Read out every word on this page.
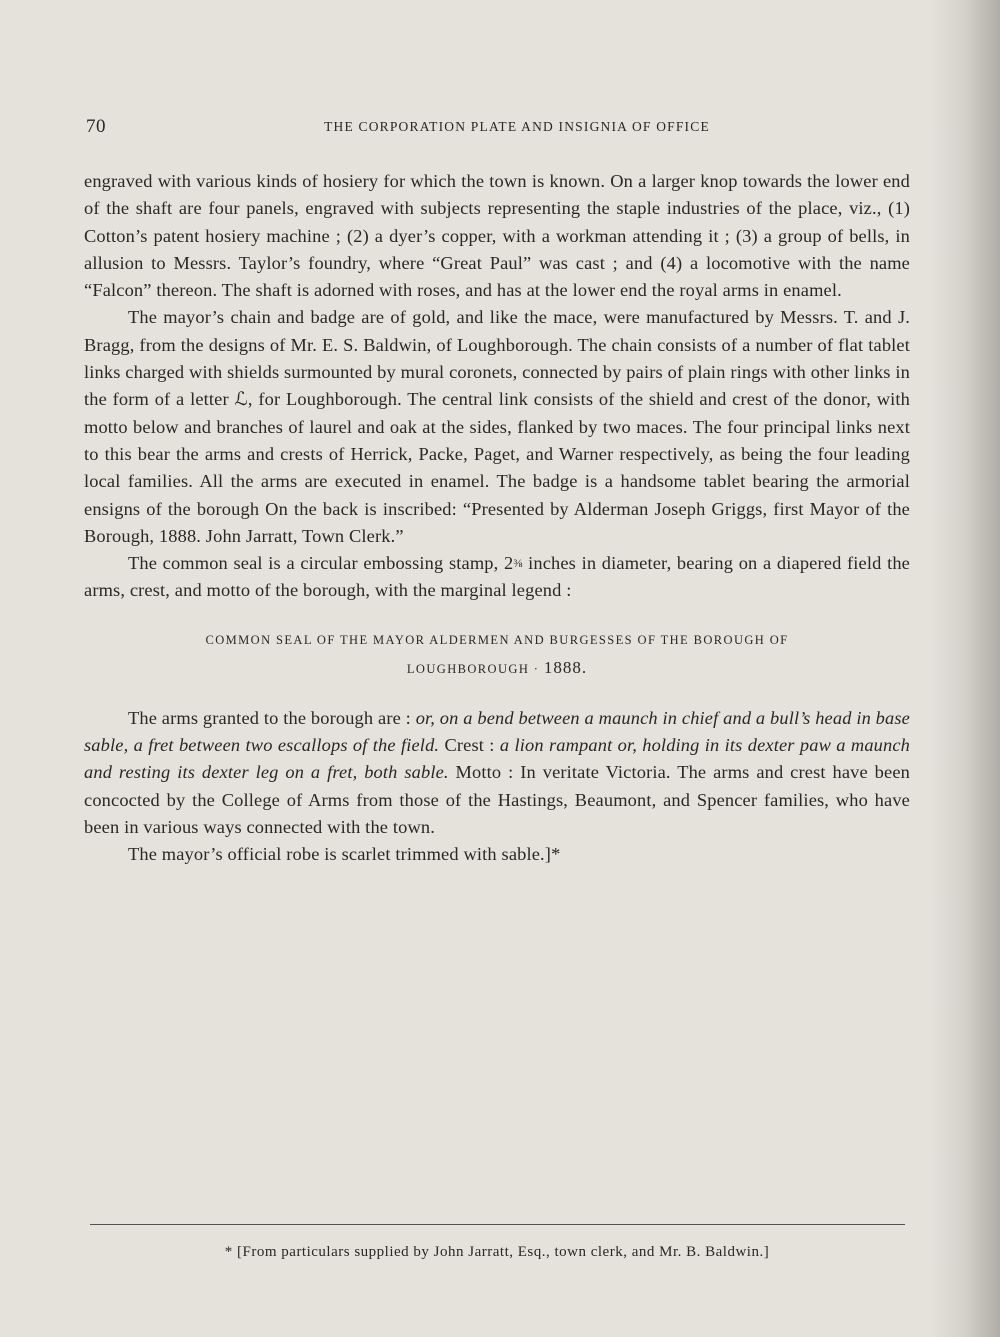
70	THE CORPORATION PLATE AND INSIGNIA OF OFFICE

engraved with various kinds of hosiery for which the town is known. On a larger knop towards the lower end of the shaft are four panels, engraved with subjects representing the staple industries of the place, viz., (1) Cotton’s patent hosiery machine ; (2) a dyer’s copper, with a workman attending it ; (3) a group of bells, in allusion to Messrs. Taylor’s foundry, where “Great Paul” was cast ; and (4) a locomotive with the name “Falcon” thereon. The shaft is adorned with roses, and has at the lower end the royal arms in enamel.

The mayor’s chain and badge are of gold, and like the mace, were manufactured by Messrs. T. and J. Bragg, from the designs of Mr. E. S. Baldwin, of Loughborough. The chain consists of a number of flat tablet links charged with shields surmounted by mural coronets, connected by pairs of plain rings with other links in the form of a letter ℒ, for Loughborough. The central link consists of the shield and crest of the donor, with motto below and branches of laurel and oak at the sides, flanked by two maces. The four principal links next to this bear the arms and crests of Herrick, Packe, Paget, and Warner respectively, as being the four leading local families. All the arms are executed in enamel. The badge is a handsome tablet bearing the armorial ensigns of the borough On the back is inscribed: “Presented by Alderman Joseph Griggs, first Mayor of the Borough, 1888. John Jarratt, Town Clerk.”

The common seal is a circular embossing stamp, 2⅜ inches in diameter, bearing on a diapered field the arms, crest, and motto of the borough, with the marginal legend :

COMMON SEAL OF THE MAYOR ALDERMEN AND BURGESSES OF THE BOROUGH OF
LOUGHBOROUGH · 1888.

The arms granted to the borough are : or, on a bend between a maunch in chief and a bull’s head in base sable, a fret between two escallops of the field. Crest : a lion rampant or, holding in its dexter paw a maunch and resting its dexter leg on a fret, both sable. Motto : In veritate Victoria. The arms and crest have been concocted by the College of Arms from those of the Hastings, Beaumont, and Spencer families, who have been in various ways connected with the town.

The mayor’s official robe is scarlet trimmed with sable.]*

* [From particulars supplied by John Jarratt, Esq., town clerk, and Mr. B. Baldwin.]
